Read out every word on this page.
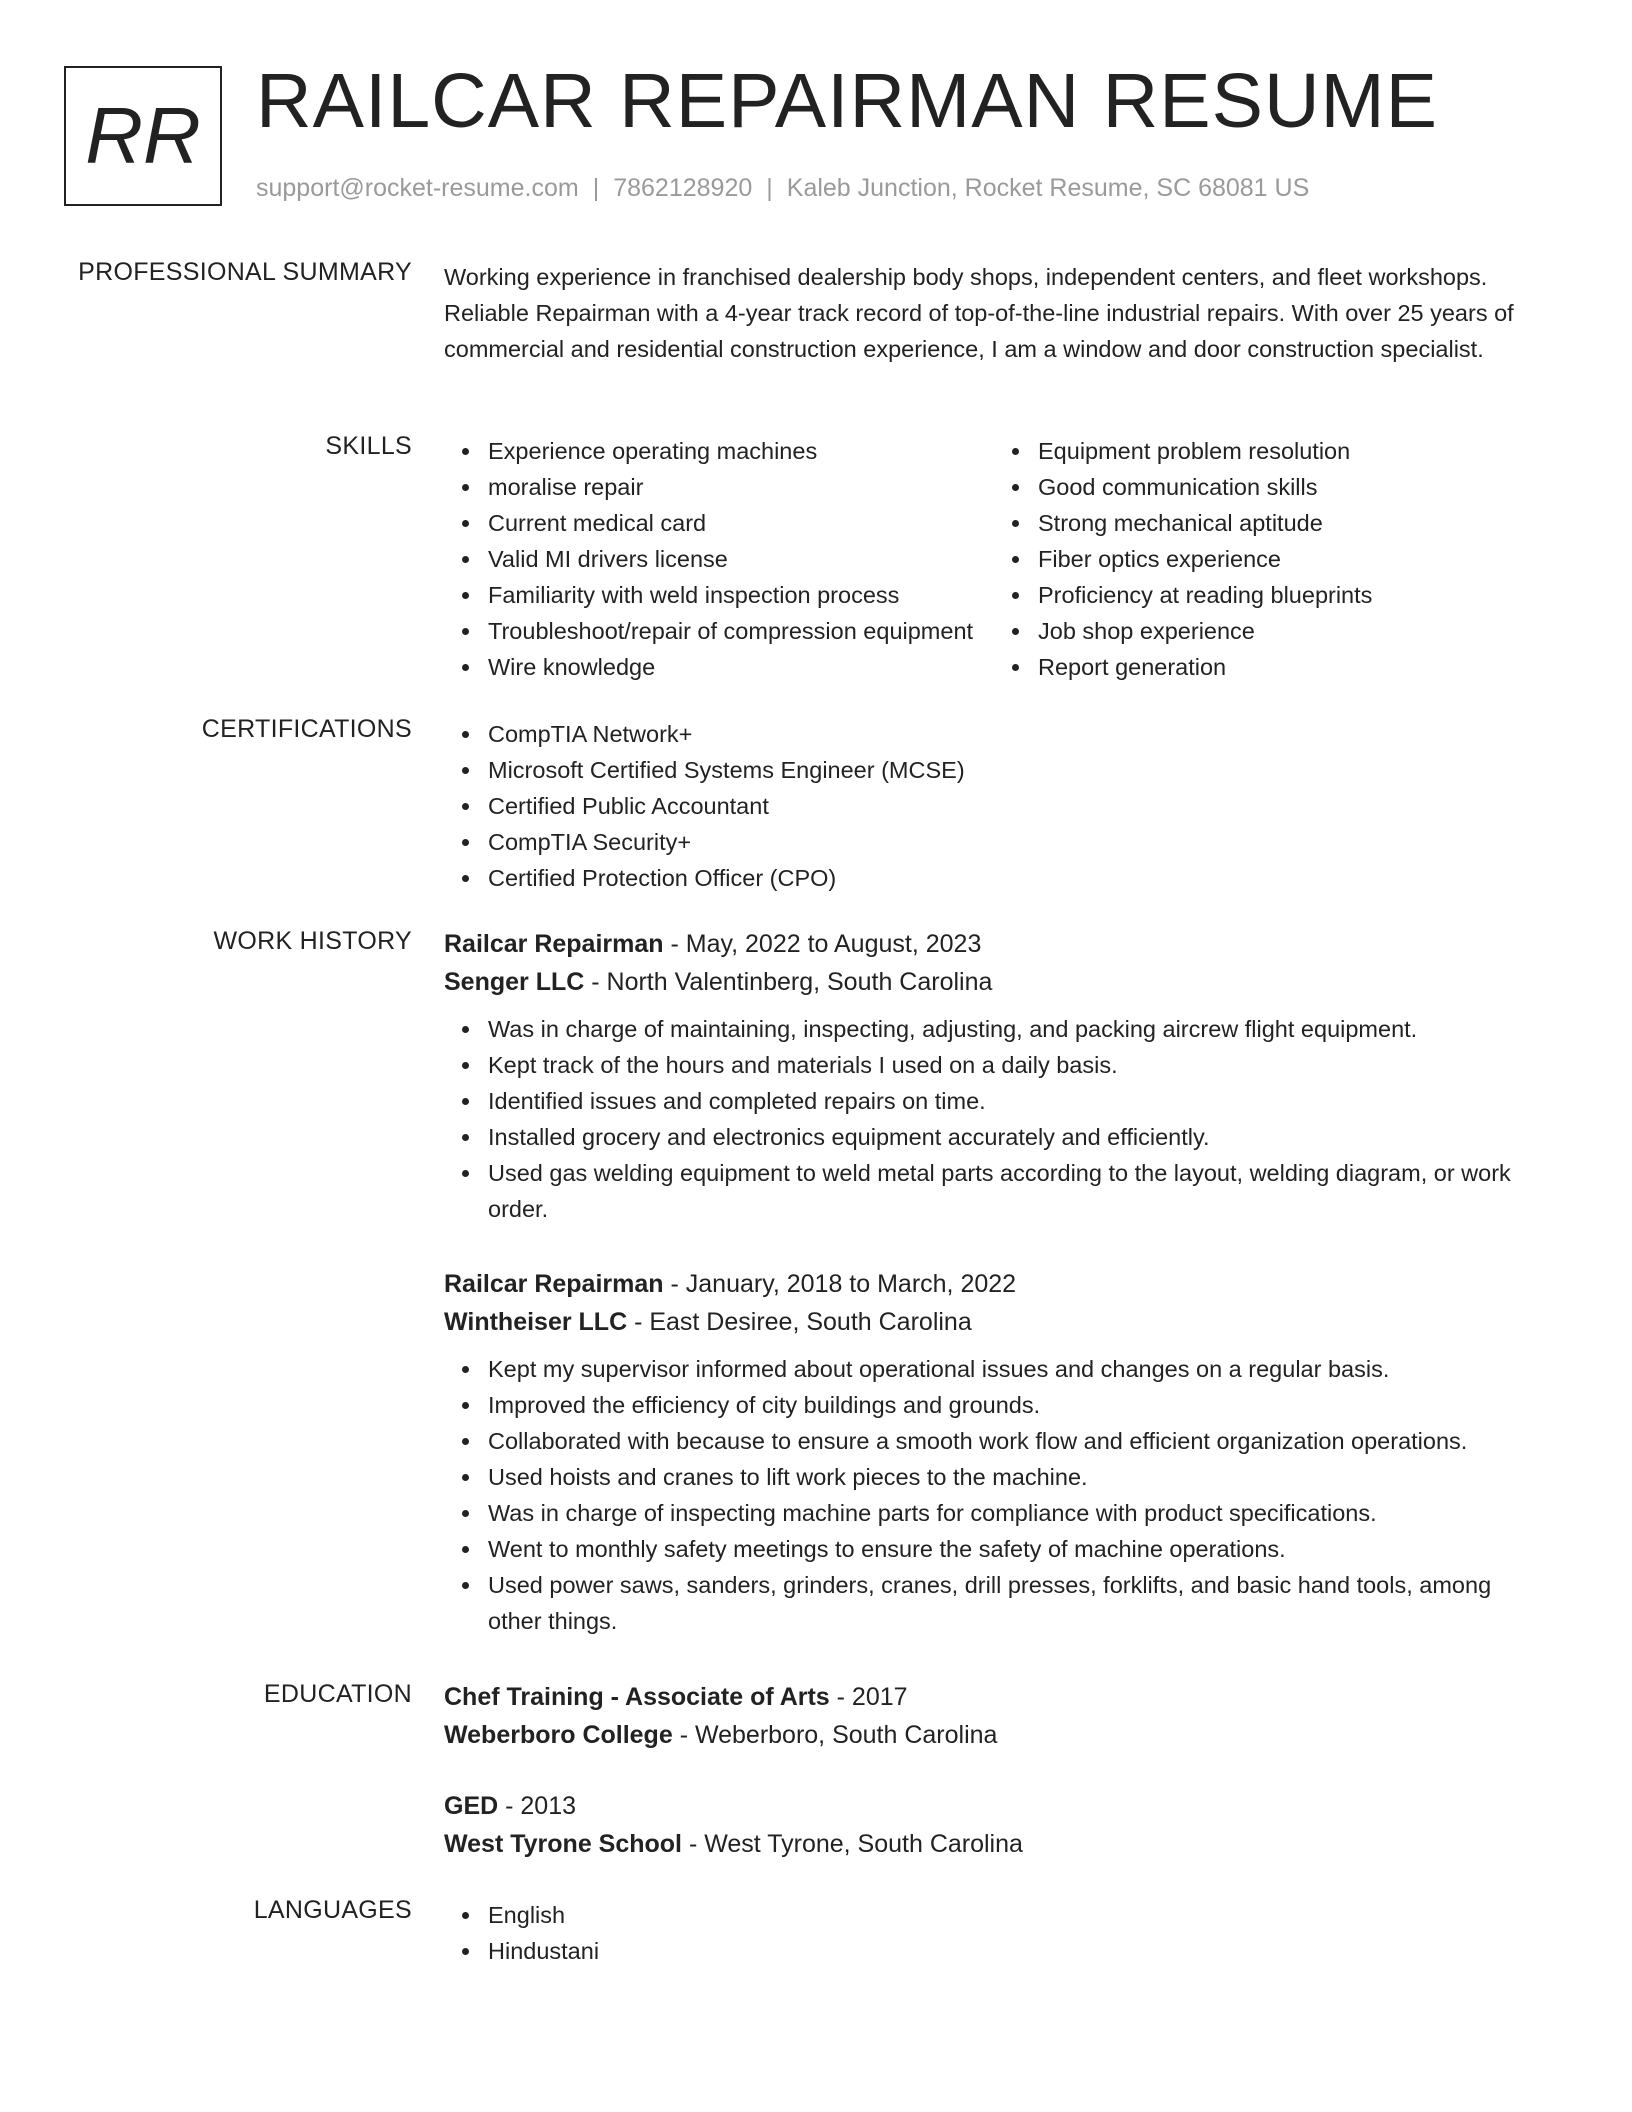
RR RAILCAR REPAIRMAN RESUME
support@rocket-resume.com | 7862128920 | Kaleb Junction, Rocket Resume, SC 68081 US
PROFESSIONAL SUMMARY Working experience in franchised dealership body shops, independent centers, and fleet workshops. Reliable Repairman with a 4-year track record of top-of-the-line industrial repairs. With over 25 years of commercial and residential construction experience, I am a window and door construction specialist.
SKILLS	Experience operating machines
moralise repair
Current medical card
Valid MI drivers license
Familiarity with weld inspection process
Troubleshoot/repair of compression equipment
Wire knowledge
Equipment problem resolution
Good communication skills
Strong mechanical aptitude
Fiber optics experience
Proficiency at reading blueprints
Job shop experience
Report generation
CERTIFICATIONS	CompTIA Network+
Microsoft Certified Systems Engineer (MCSE)
Certified Public Accountant
CompTIA Security+
Certified Protection Officer (CPO)
WORK HISTORY Railcar Repairman - May, 2022 to August, 2023
Senger LLC - North Valentinberg, South Carolina
Was in charge of maintaining, inspecting, adjusting, and packing aircrew flight equipment.
Kept track of the hours and materials I used on a daily basis.
Identified issues and completed repairs on time.
Installed grocery and electronics equipment accurately and efficiently.
Used gas welding equipment to weld metal parts according to the layout, welding diagram, or work order.
Railcar Repairman - January, 2018 to March, 2022
Wintheiser LLC - East Desiree, South Carolina
Kept my supervisor informed about operational issues and changes on a regular basis.
Improved the efficiency of city buildings and grounds.
Collaborated with because to ensure a smooth work flow and efficient organization operations.
Used hoists and cranes to lift work pieces to the machine.
Was in charge of inspecting machine parts for compliance with product specifications.
Went to monthly safety meetings to ensure the safety of machine operations.
Used power saws, sanders, grinders, cranes, drill presses, forklifts, and basic hand tools, among other things.
EDUCATION Chef Training - Associate of Arts - 2017
Weberboro College - Weberboro, South Carolina
GED - 2013
West Tyrone School - West Tyrone, South Carolina
LANGUAGES	English
Hindustani
